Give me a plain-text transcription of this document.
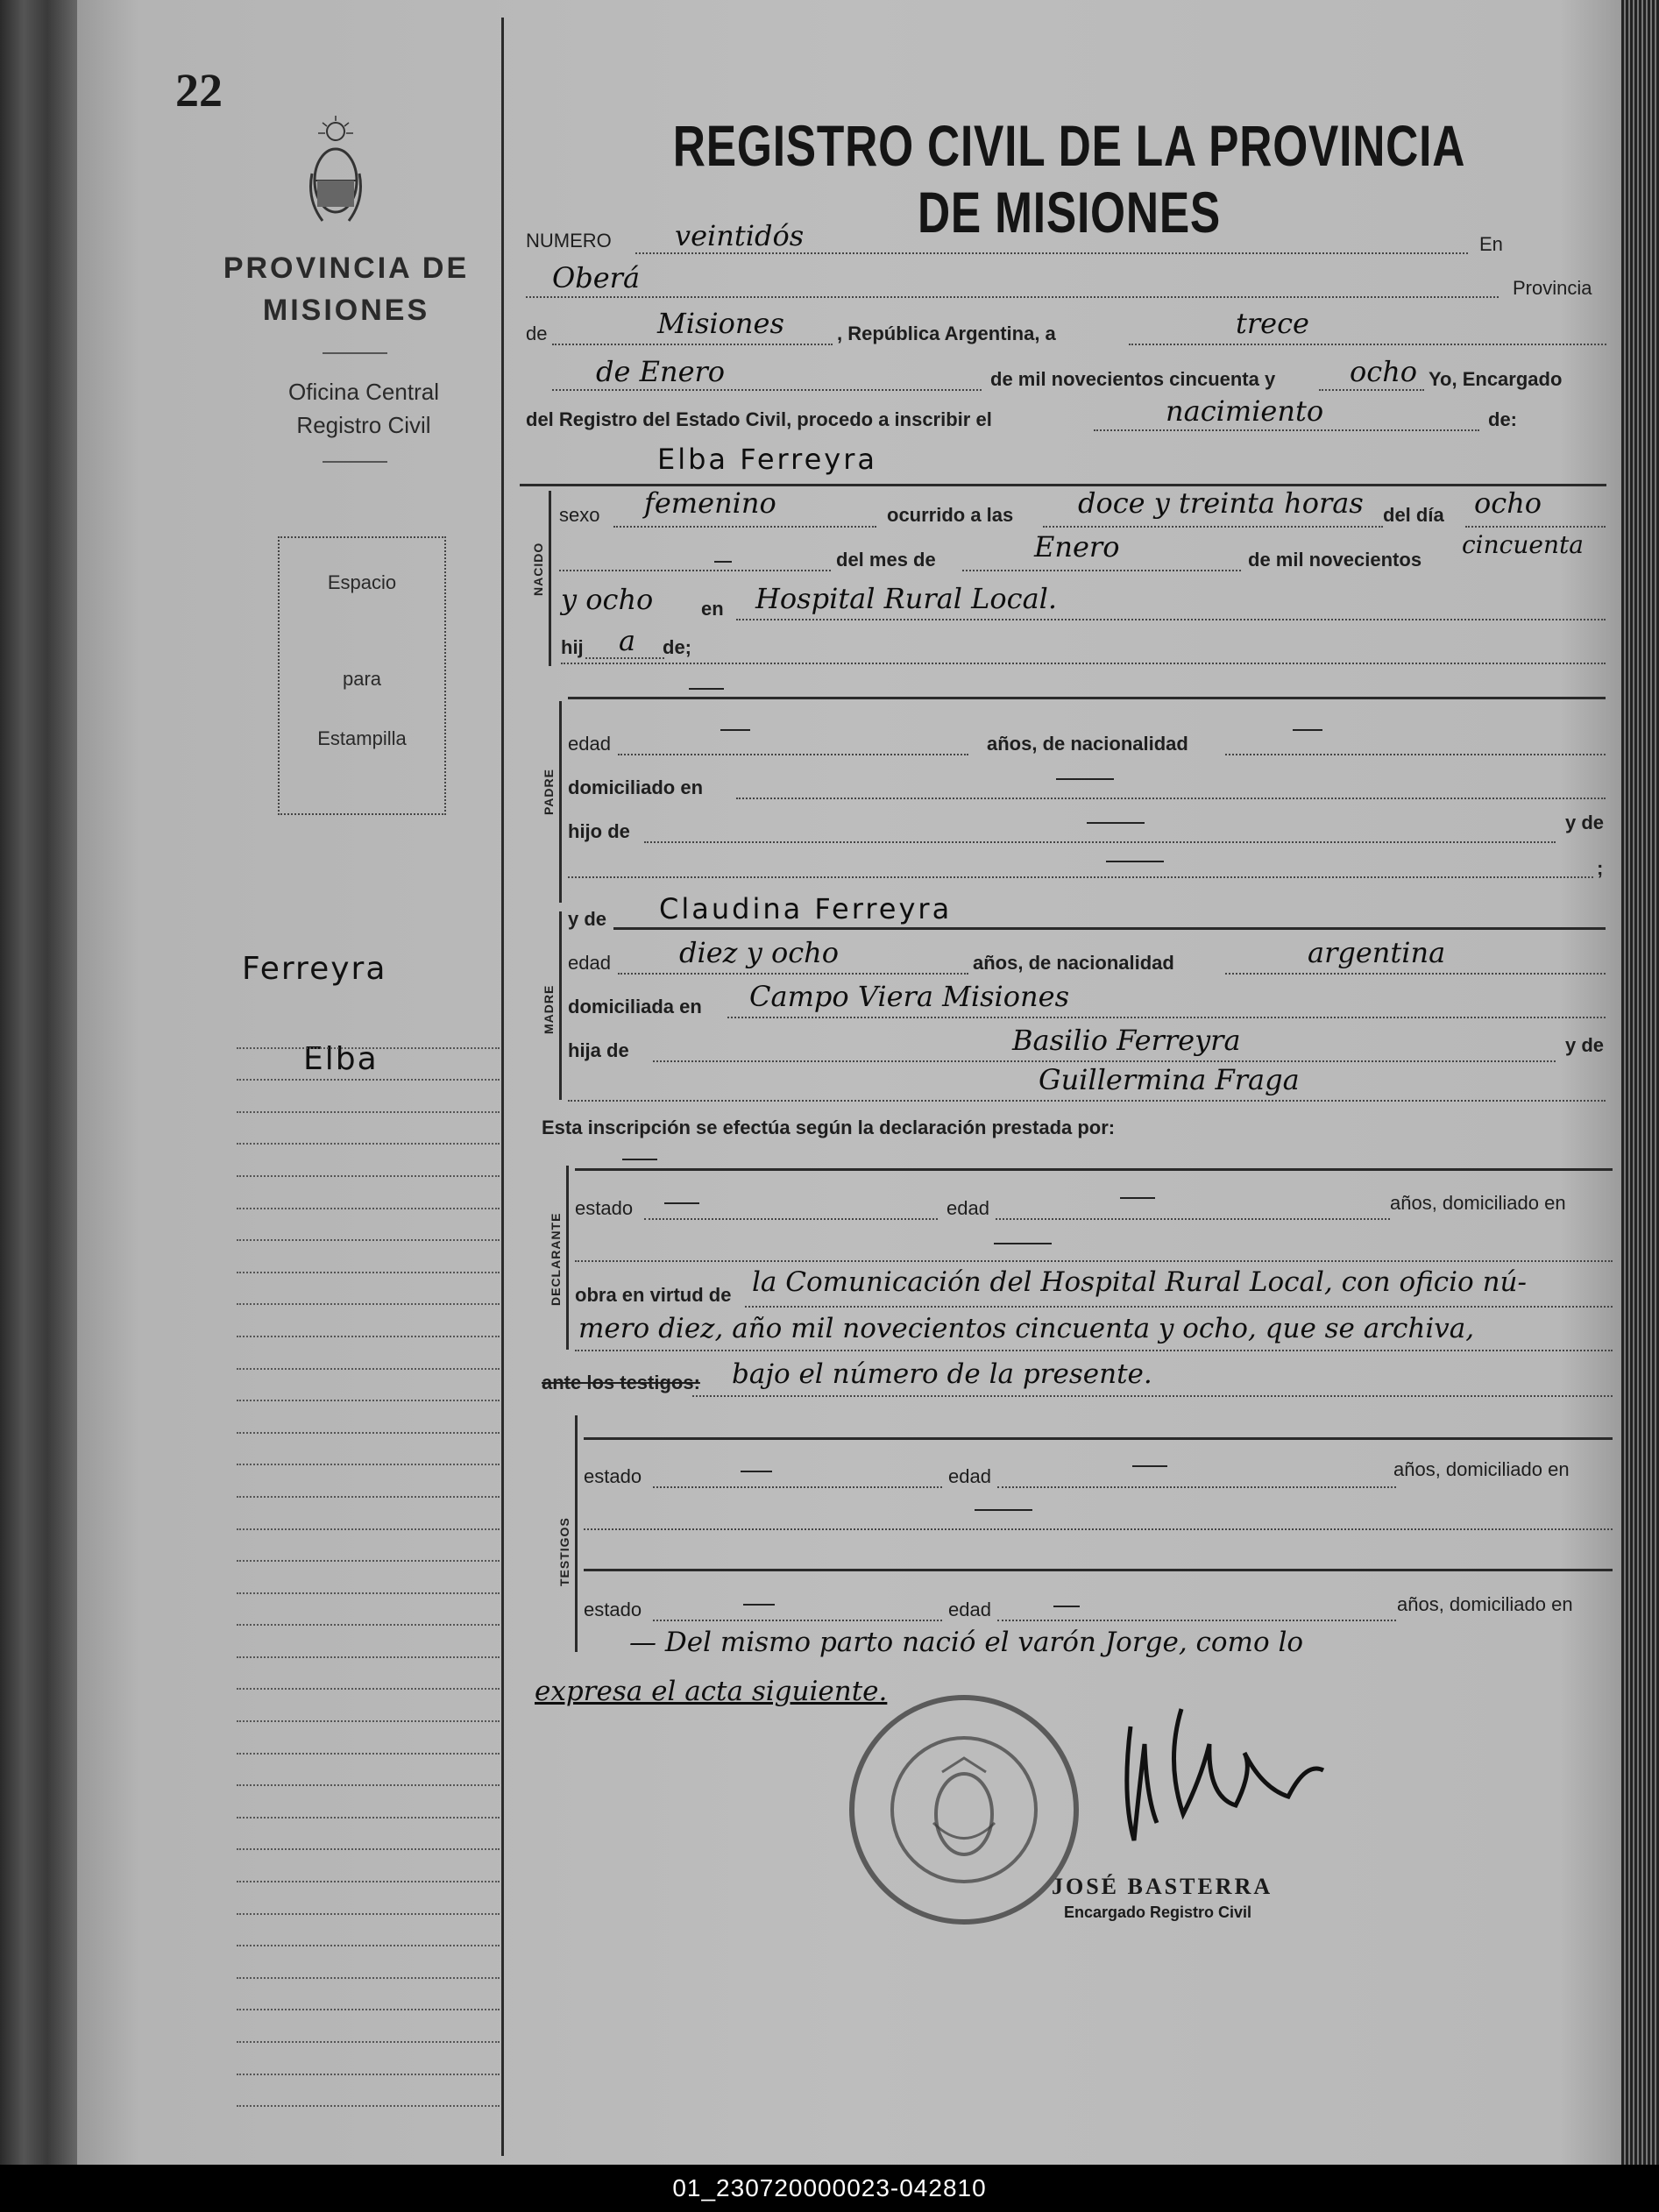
22
PROVINCIA DE MISIONES
Oficina Central
Registro Civil
Espacio
para
Estampilla
Ferreyra
Elba
REGISTRO CIVIL DE LA PROVINCIA DE MISIONES
NUMERO veintidós	En
Oberá	Provincia
de	Misiones	, República Argentina, a	trece
de Enero	de mil novecientos cincuenta y	ocho Yo, Encargado
del Registro del Estado Civil, procedo a inscribir el	nacimiento	de:
Elba Ferreyra
NACIDO
sexo femenino	ocurrido a las doce y treinta horas del día ocho
del mes de	Enero	de mil novecientos
cincuenta
y ocho en Hospital Rural Local.
hij a de;
PADRE
edad	años, de nacionalidad
domiciliado en
hijo de	y de
;
MADRE
y de Claudina Ferreyra
edad diez y ocho	años, de nacionalidad	argentina
domiciliada en Campo Viera Misiones
hija de	Basilio Ferreyra	y de
Guillermina Fraga
Esta inscripción se efectúa según la declaración prestada por:
DECLARANTE
estado	edad	años, domiciliado en
obra en virtud de la Comunicación del Hospital Rural Local, con oficio nú-
mero diez, año mil novecientos cincuenta y ocho, que se archiva,
ante los testigos: bajo el número de la presente.
TESTIGOS
estado	edad	años, domiciliado en
estado	edad	años, domiciliado en
— Del mismo parto nació el varón Jorge, como lo
expresa el acta siguiente.
JOSÉ BASTERRA
Encargado Registro Civil
01_230720000023-042810
